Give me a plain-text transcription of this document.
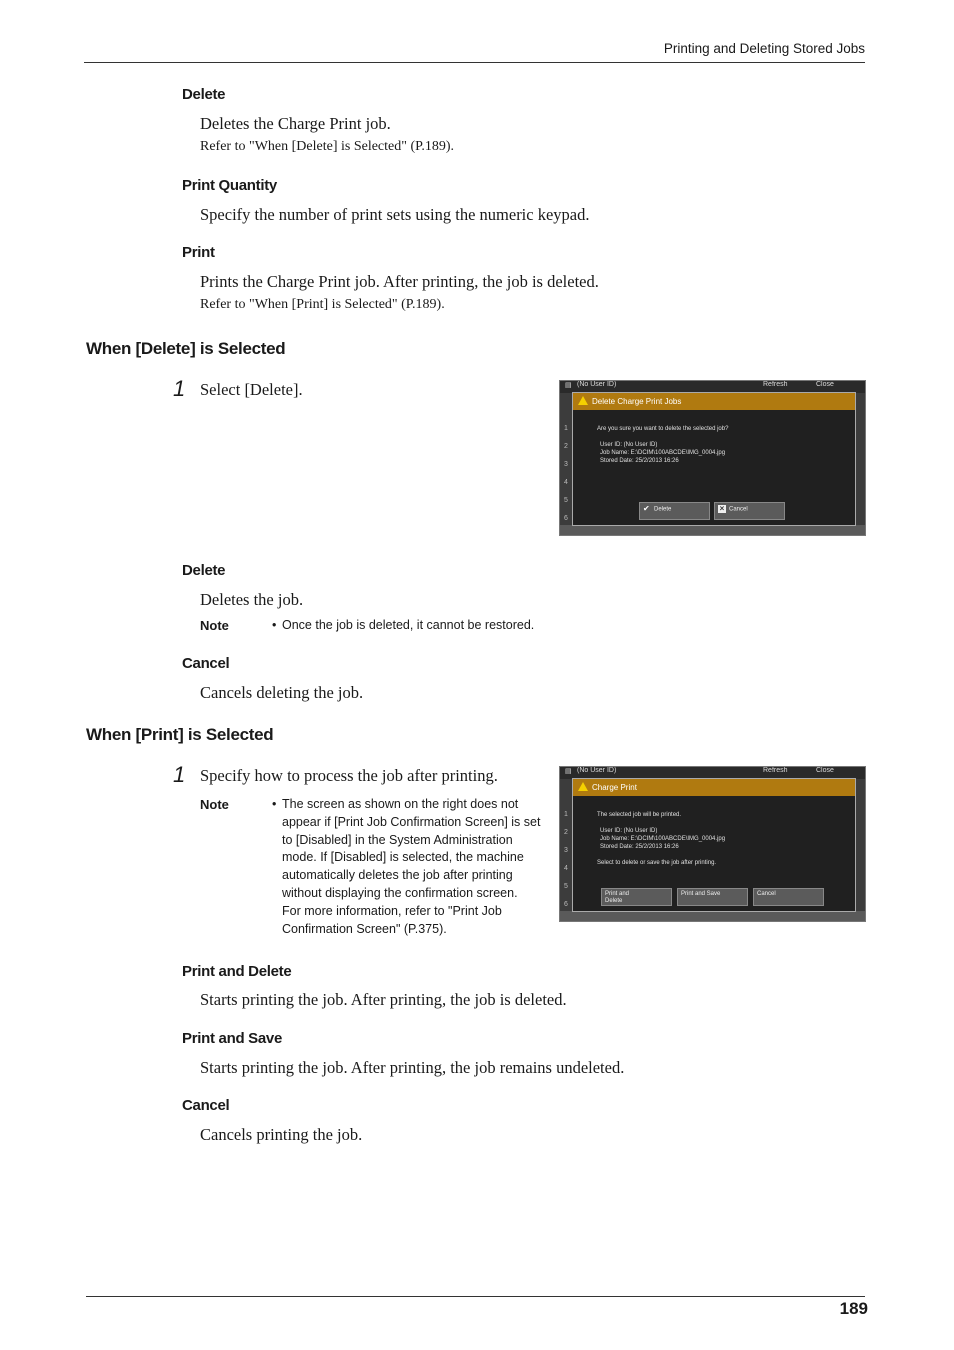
Printing and Deleting Stored Jobs
189
Delete
Deletes the Charge Print job.
Refer to "When [Delete] is Selected" (P.189).
Print Quantity
Specify the number of print sets using the numeric keypad.
Print
Prints the Charge Print job. After printing, the job is deleted.
Refer to "When [Print] is Selected" (P.189).
When [Delete] is Selected
1 Select [Delete].	▤ (No User ID)	Refresh	Close
1
2
3
4
5
6
Delete Charge Print Jobs
Are you sure you want to delete the selected job?
User ID: (No User ID)
Job Name: E:\DCIM\100ABCDE\IMG_0004.jpg
Stored Date: 25/2/2013 16:26
✔ Delete	× Cancel
Delete
Deletes the job.
Note	• Once the job is deleted, it cannot be restored.
Cancel
Cancels deleting the job.
When [Print] is Selected
1 Specify how to process the job after printing.
Note	• The screen as shown on the right does not
appear if [Print Job Confirmation Screen] is set
to [Disabled] in the System Administration
mode. If [Disabled] is selected, the machine
automatically deletes the job after printing
without displaying the confirmation screen.
For more information, refer to "Print Job
Confirmation Screen" (P.375).
▤ (No User ID)	Refresh	Close
1
2
3
4
5
6
Charge Print
The selected job will be printed.
User ID: (No User ID)
Job Name: E:\DCIM\100ABCDE\IMG_0004.jpg
Stored Date: 25/2/2013 16:26
Select to delete or save the job after printing.
Print and
Delete
Print and Save	Cancel
Print and Delete
Starts printing the job. After printing, the job is deleted.
Print and Save
Starts printing the job. After printing, the job remains undeleted.
Cancel
Cancels printing the job.
